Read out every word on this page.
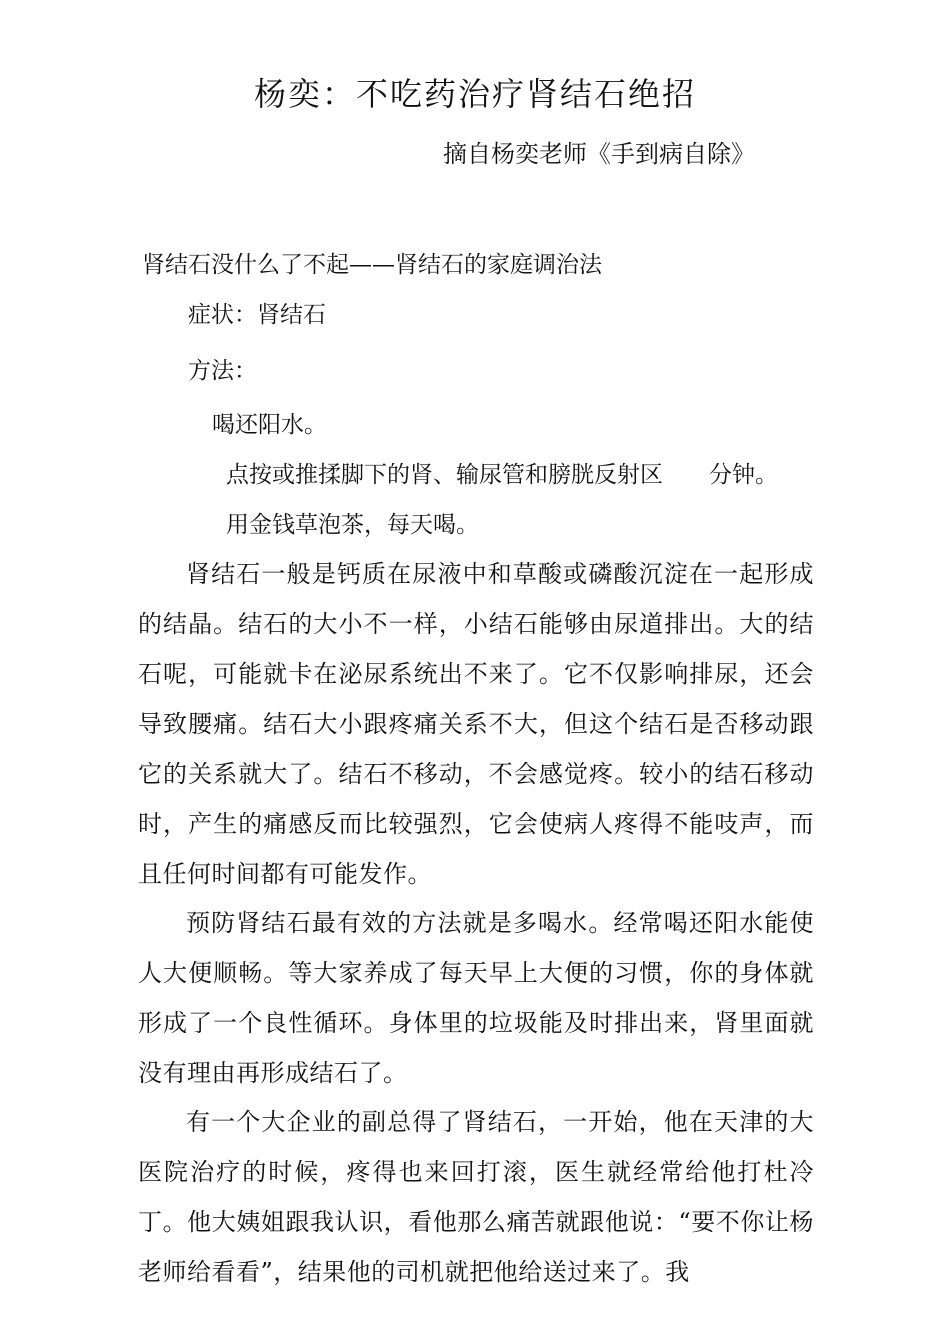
杨奕：不吃药治疗肾结石绝招
摘自杨奕老师《手到病自除》
肾结石没什么了不起——肾结石的家庭调治法
症状：肾结石
方法：
喝还阳水。
点按或推揉脚下的肾、输尿管和膀胱反射区 分钟。
用金钱草泡茶，每天喝。

肾结石一般是钙质在尿液中和草酸或磷酸沉淀在一起形成的结晶。结石的大小不一样，小结石能够由尿道排出。大的结石呢，可能就卡在泌尿系统出不来了。它不仅影响排尿，还会导致腰痛。结石大小跟疼痛关系不大，但这个结石是否移动跟它的关系就大了。结石不移动，不会感觉疼。较小的结石移动时，产生的痛感反而比较强烈，它会使病人疼得不能吱声，而且任何时间都有可能发作。

预防肾结石最有效的方法就是多喝水。经常喝还阳水能使人大便顺畅。等大家养成了每天早上大便的习惯，你的身体就形成了一个良性循环。身体里的垃圾能及时排出来，肾里面就没有理由再形成结石了。

有一个大企业的副总得了肾结石，一开始，他在天津的大医院治疗的时候，疼得也来回打滚，医生就经常给他打杜冷丁。他大姨姐跟我认识，看他那么痛苦就跟他说：“要不你让杨老师给看看”，结果他的司机就把他给送过来了。我
